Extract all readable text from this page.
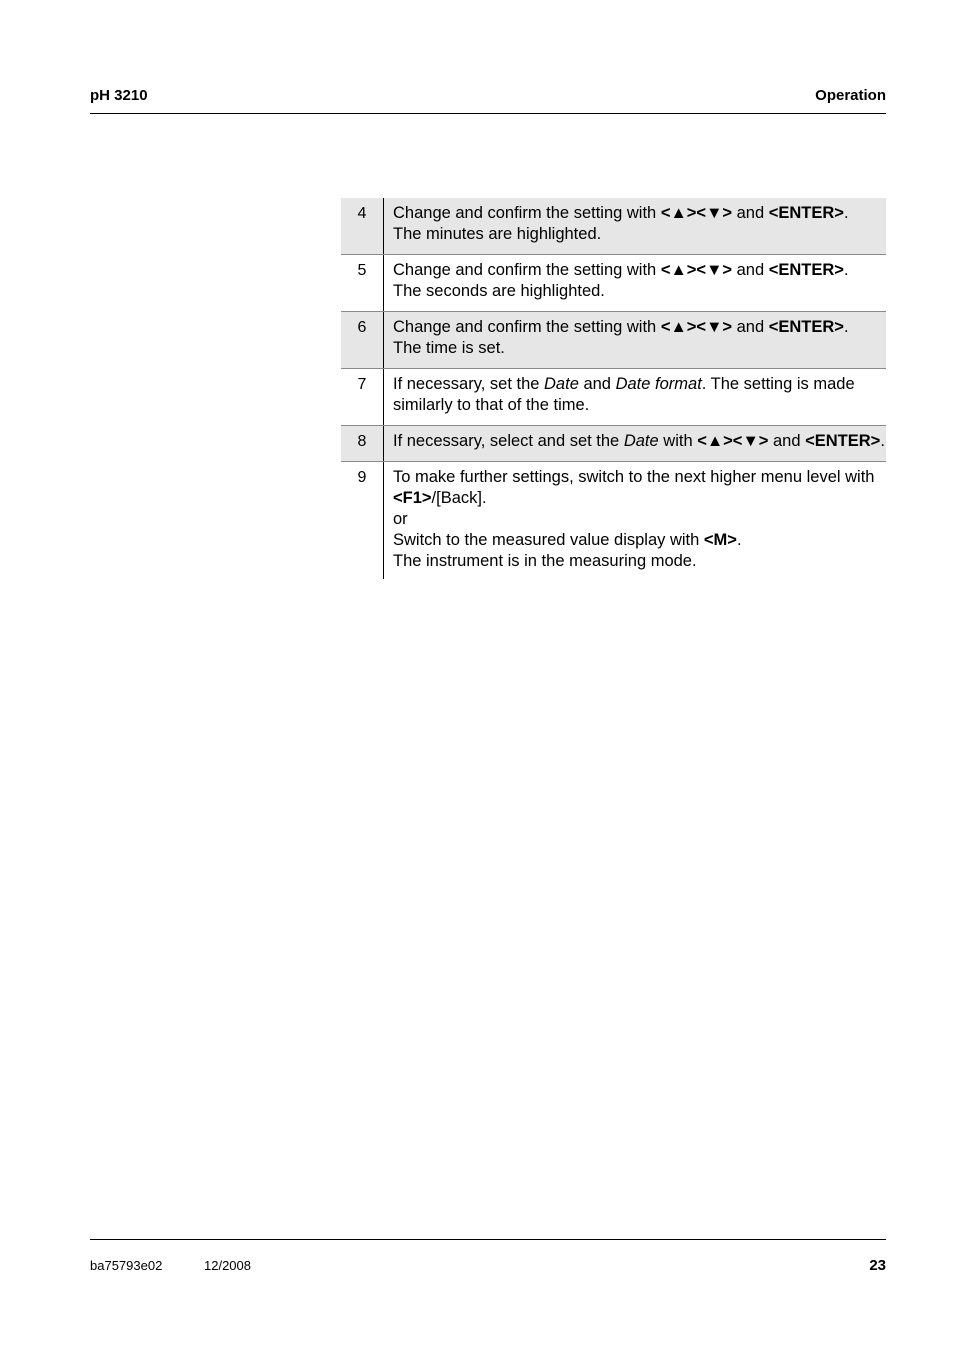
pH 3210	Operation
4	Change and confirm the setting with <▲><▼> and <ENTER>.
The minutes are highlighted.
5	Change and confirm the setting with <▲><▼> and <ENTER>.
The seconds are highlighted.
6	Change and confirm the setting with <▲><▼> and <ENTER>.
The time is set.
7	If necessary, set the Date and Date format. The setting is made similarly to that of the time.
8	If necessary, select and set the Date with <▲><▼> and <ENTER>.
9	To make further settings, switch to the next higher menu level with <F1>/[Back].
or
Switch to the measured value display with <M>.
The instrument is in the measuring mode.
ba75793e02	12/2008	23
